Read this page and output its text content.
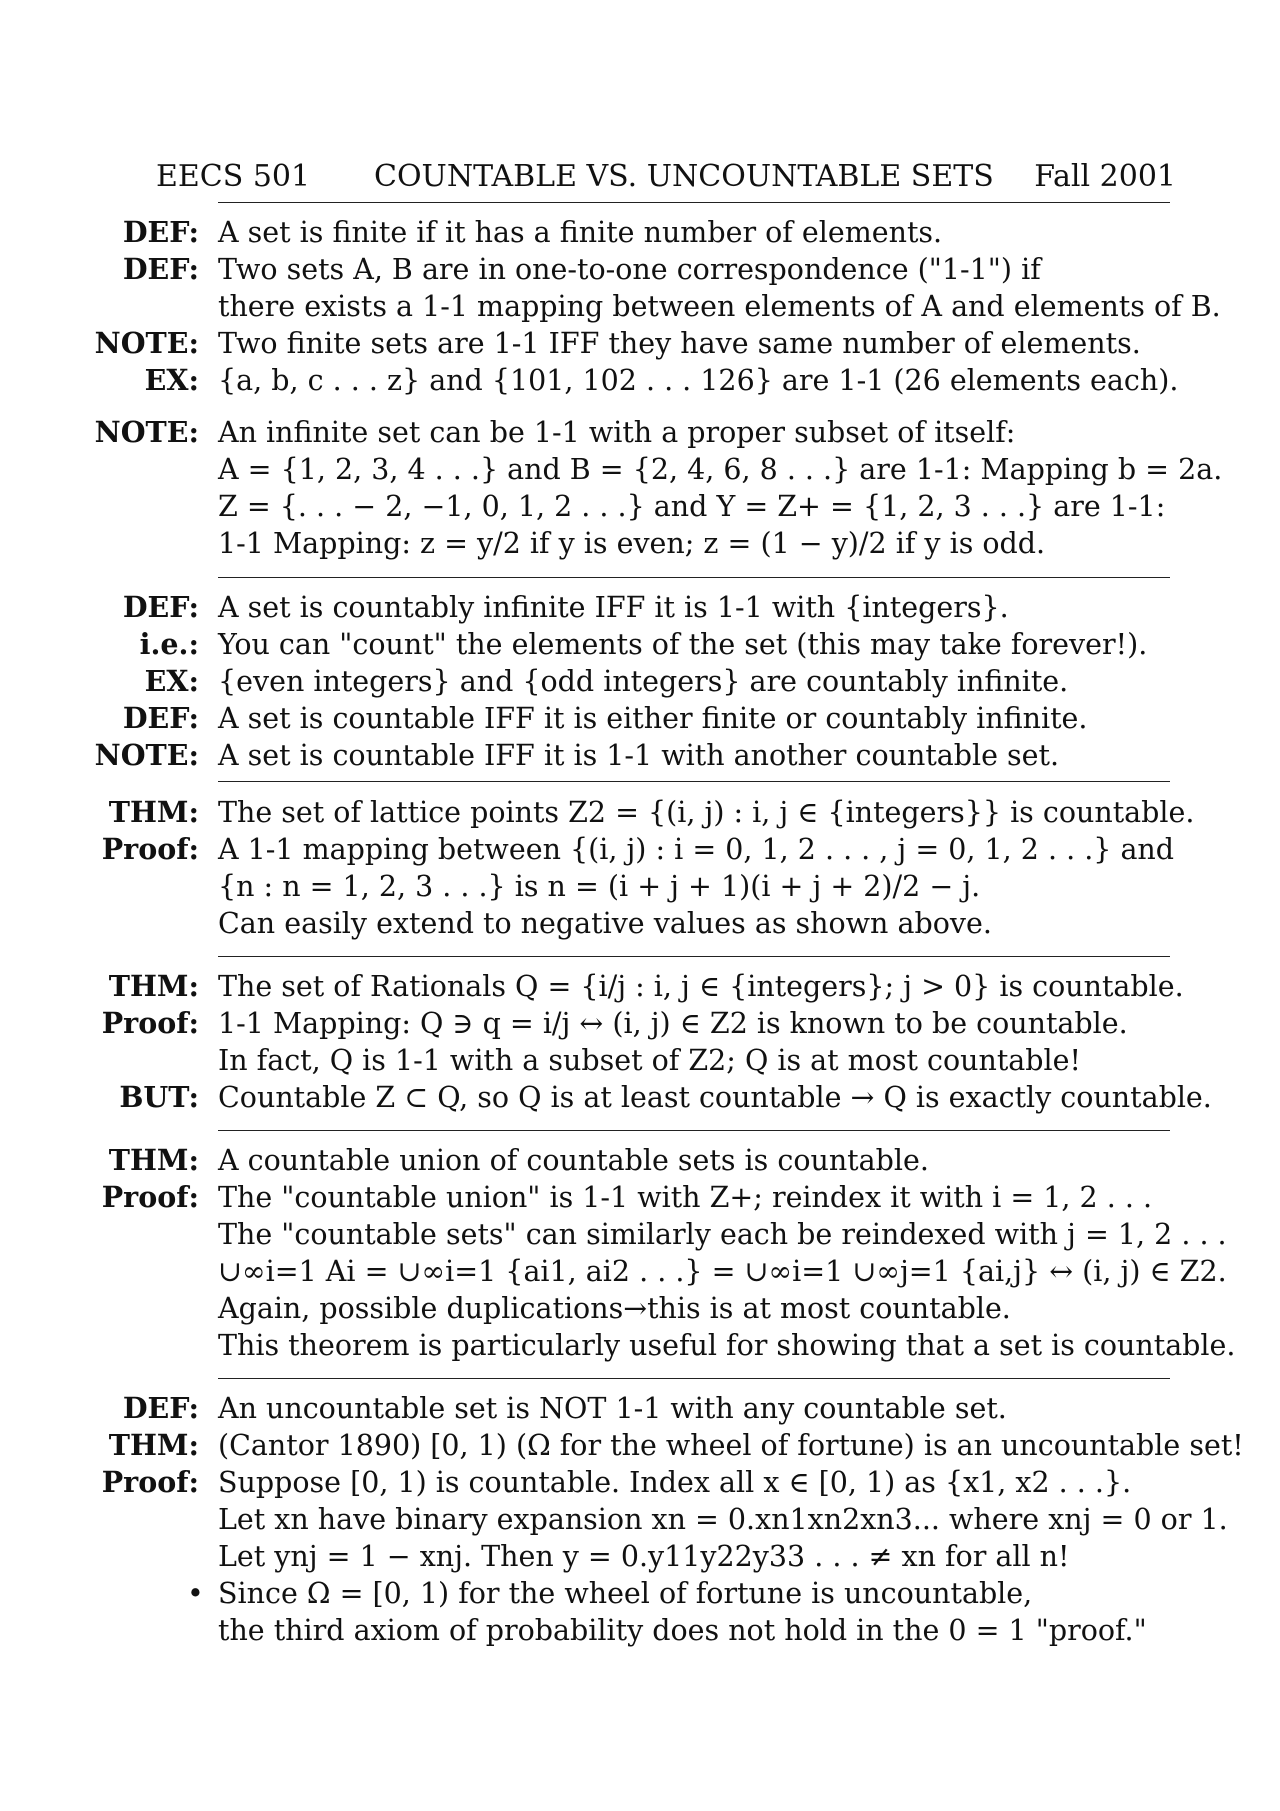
EECS 501 COUNTABLE VS. UNCOUNTABLE SETS Fall 2001
DEF: A set is finite if it has a finite number of elements.
DEF: Two sets A, B are in one-to-one correspondence ("1-1") if
there exists a 1-1 mapping between elements of A and elements of B.
NOTE: Two finite sets are 1-1 IFF they have same number of elements.
EX: {a, b, c . . . z} and {101, 102 . . . 126} are 1-1 (26 elements each).
NOTE: An infinite set can be 1-1 with a proper subset of itself:
A = {1, 2, 3, 4 . . .} and B = {2, 4, 6, 8 . . .} are 1-1: Mapping b = 2a.
Z = {. . . − 2, −1, 0, 1, 2 . . .} and Y = Z+ = {1, 2, 3 . . .} are 1-1:
1-1 Mapping: z = y/2 if y is even; z = (1 − y)/2 if y is odd.
DEF: A set is countably infinite IFF it is 1-1 with {integers}.
i.e.: You can "count" the elements of the set (this may take forever!).
EX: {even integers} and {odd integers} are countably infinite.
DEF: A set is countable IFF it is either finite or countably infinite.
NOTE: A set is countable IFF it is 1-1 with another countable set.
THM: The set of lattice points Z2 = {(i, j) : i, j ∈ {integers}} is countable.
Proof: A 1-1 mapping between {(i, j) : i = 0, 1, 2 . . . , j = 0, 1, 2 . . .} and
{n : n = 1, 2, 3 . . .} is n = (i + j + 1)(i + j + 2)/2 − j.
Can easily extend to negative values as shown above.
THM: The set of Rationals Q = {i/j : i, j ∈ {integers}; j > 0} is countable.
Proof: 1-1 Mapping: Q ∋ q = i/j ↔ (i, j) ∈ Z2 is known to be countable.
In fact, Q is 1-1 with a subset of Z2; Q is at most countable!
BUT: Countable Z ⊂ Q, so Q is at least countable → Q is exactly countable.
THM: A countable union of countable sets is countable.
Proof: The "countable union" is 1-1 with Z+; reindex it with i = 1, 2 . . .
The "countable sets" can similarly each be reindexed with j = 1, 2 . . .
∪∞i=1 Ai = ∪∞i=1 {ai1, ai2 . . .} = ∪∞i=1 ∪∞j=1 {ai,j} ↔ (i, j) ∈ Z2.
Again, possible duplications→this is at most countable.
This theorem is particularly useful for showing that a set is countable.
DEF: An uncountable set is NOT 1-1 with any countable set.
THM: (Cantor 1890) [0, 1) (Ω for the wheel of fortune) is an uncountable set!
Proof: Suppose [0, 1) is countable. Index all x ∈ [0, 1) as {x1, x2 . . .}.
Let xn have binary expansion xn = 0.xn1xn2xn3... where xnj = 0 or 1.
Let ynj = 1 − xnj. Then y = 0.y11y22y33 . . . ≠ xn for all n!
• Since Ω = [0, 1) for the wheel of fortune is uncountable,
the third axiom of probability does not hold in the 0 = 1 "proof."
